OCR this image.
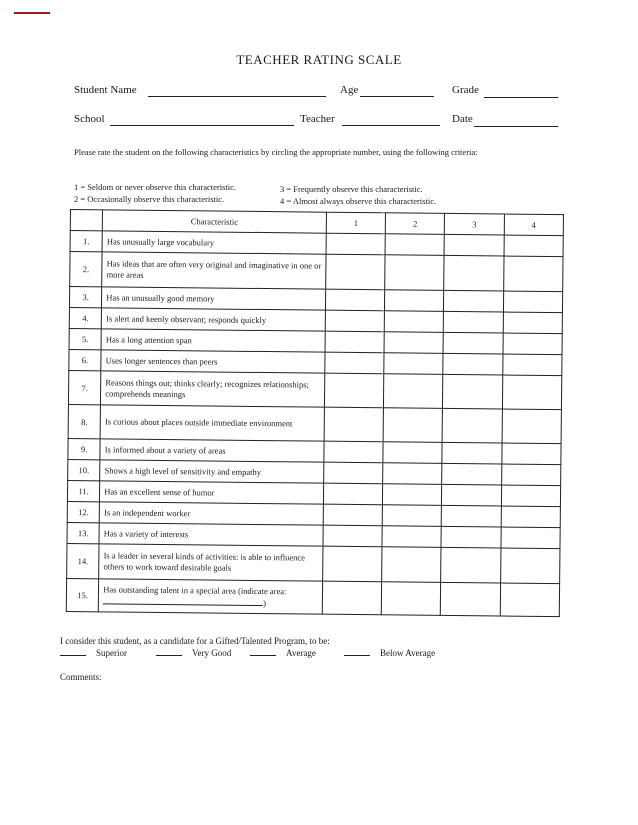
TEACHER RATING SCALE
Student Name	Age	Grade
School	Teacher	Date
Please rate the student on the following characteristics by circling the appropriate number, using the following criteria:
1 = Seldom or never observe this characteristic.	3 = Frequently observe this characteristic.
2 = Occasionally observe this characteristic.	4 = Almost always observe this characteristic.
	Characteristic	1	2	3	4
1.	Has unusually large vocabulary				
2.	Has ideas that are often very original and imaginative in one or more areas				
3.	Has an unusually good memory				
4.	Is alert and keenly observant; responds quickly				
5.	Has a long attention span				
6.	Uses longer sentences than peers				
7.	Reasons things out; thinks clearly; recognizes relationships; comprehends meanings				
8.	Is curious about places outside immediate environment				
9.	Is informed about a variety of areas				
10.	Shows a high level of sensitivity and empathy				
11.	Has an excellent sense of humor				
12.	Is an independent worker				
13.	Has a variety of interests				
14.	Is a leader in several kinds of activities: is able to influence others to work toward desirable goals				
15.	Has outstanding talent in a special area (indicate area:
)				
I consider this student, as a candidate for a Gifted/Talented Program, to be:
Superior	Very Good	Average	Below Average
Comments:
